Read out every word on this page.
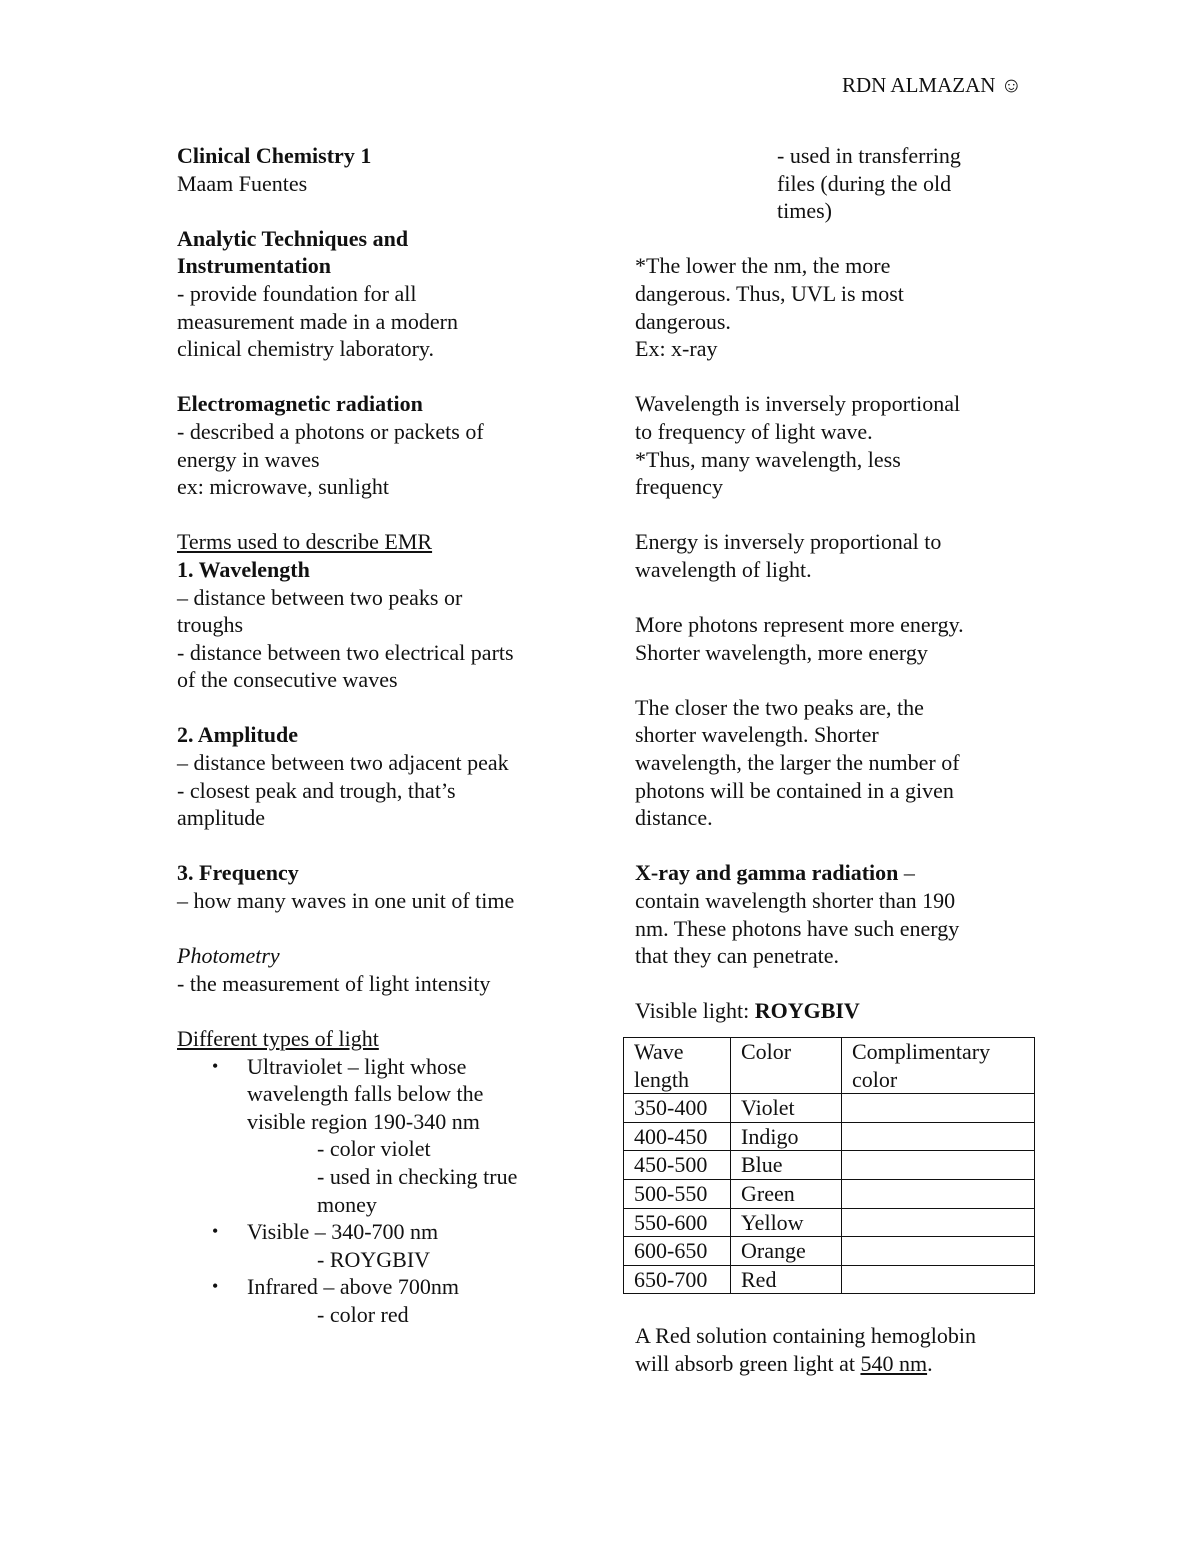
RDN ALMAZAN ☺
Clinical Chemistry 1
Maam Fuentes
Analytic Techniques and
Instrumentation
- provide foundation for all
measurement made in a modern
clinical chemistry laboratory.
Electromagnetic radiation
- described a photons or packets of
energy in waves
ex: microwave, sunlight
Terms used to describe EMR
1. Wavelength
– distance between two peaks or
troughs
- distance between two electrical parts
of the consecutive waves
2. Amplitude
– distance between two adjacent peak
- closest peak and trough, that’s
amplitude
3. Frequency
– how many waves in one unit of time
Photometry
- the measurement of light intensity
Different types of light
• Ultraviolet – light whose
wavelength falls below the
visible region 190-340 nm
- color violet
- used in checking true
money
• Visible – 340-700 nm
- ROYGBIV
• Infrared – above 700nm
- color red
- used in transferring
files (during the old
times)
*The lower the nm, the more
dangerous. Thus, UVL is most
dangerous.
Ex: x-ray
Wavelength is inversely proportional
to frequency of light wave.
*Thus, many wavelength, less
frequency
Energy is inversely proportional to
wavelength of light.
More photons represent more energy.
Shorter wavelength, more energy
The closer the two peaks are, the
shorter wavelength. Shorter
wavelength, the larger the number of
photons will be contained in a given
distance.
X-ray and gamma radiation –
contain wavelength shorter than 190
nm. These photons have such energy
that they can penetrate.
Visible light: ROYGBIV
Wave length	Color	Complimentary color
350-400	Violet	
400-450	Indigo	
450-500	Blue	
500-550	Green	
550-600	Yellow	
600-650	Orange	
650-700	Red	
A Red solution containing hemoglobin
will absorb green light at 540 nm.
